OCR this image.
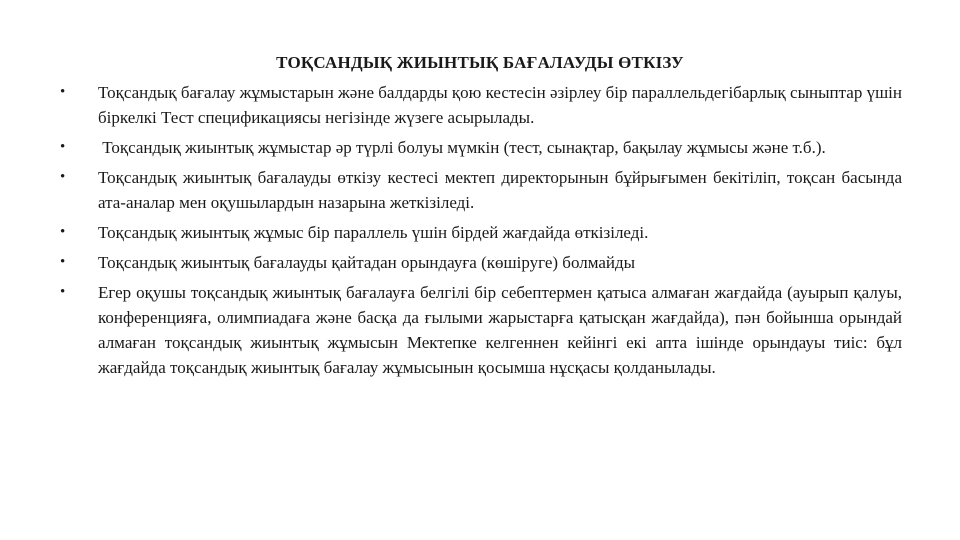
ТОҚСАНДЫҚ ЖИЫНТЫҚ БАҒАЛАУДЫ ӨТКІЗУ
•	Тоқсандық бағалау жұмыстарын және балдарды қою кестесін әзірлеу бір параллельдегібарлық сыныптар үшін біркелкі Тест спецификациясы негізінде жүзеге асырылады.
•	Тоқсандық жиынтық жұмыстар әр түрлі болуы мүмкін (тест, сынақтар, бақылау жұмысы және т.б.).
•	Тоқсандық жиынтық бағалауды өткізу кестесі мектеп директорынын бұйрығымен бекітіліп, тоқсан басында ата-аналар мен оқушылардын назарына жеткізіледі.
•	Тоқсандық жиынтық жұмыс бір параллель үшін бірдей жағдайда өткізіледі.
•	Тоқсандық жиынтық бағалауды қайтадан орындауға (көшіруге) болмайды
•	Егер оқушы тоқсандық жиынтық бағалауға белгілі бір себептермен қатыса алмаған жағдайда (ауырып қалуы, конференцияға, олимпиадаға және басқа да ғылыми жарыстарға қатысқан жағдайда), пән бойынша орындай алмаған тоқсандық жиынтық жұмысын Мектепке келгеннен кейінгі екі апта ішінде орындауы тиіс: бұл жағдайда тоқсандық жиынтық бағалау жұмысынын қосымша нұсқасы қолданылады.
